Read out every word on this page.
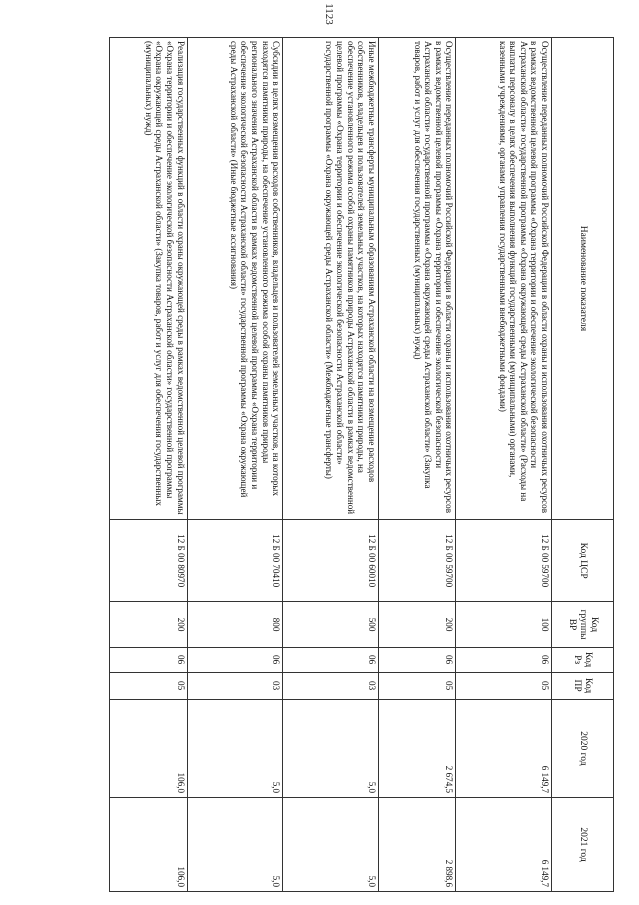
1123
Наименование показателя	Код ЦСР	Код группы ВР	Код Рз	Код ПР	2020 год	2021 год
Осуществление переданных полномочий Российской Федерации в области охраны и использования охотничьих ресурсов в рамках ведомственной целевой программы «Охрана территории и обеспечение экологической безопасности Астраханской области» государственной программы «Охрана окружающей среды Астраханской области» (Расходы на выплаты персоналу в целях обеспечения выполнения функций государственными (муниципальными) органами, казенными учреждениями, органами управления государственными внебюджетными фондами)	12 Б 00 59700	100	06	05	6 149,7	6 149,7
Осуществление переданных полномочий Российской Федерации в области охраны и использования охотничьих ресурсов в рамках ведомственной целевой программы «Охрана территории и обеспечение экологической безопасности Астраханской области» государственной программы «Охрана окружающей среды Астраханской области» (Закупка товаров, работ и услуг для обеспечения государственных (муниципальных) нужд)	12 Б 00 59700	200	06	05	2 674,5	2 898,6
Иные межбюджетные трансферты муниципальным образованиям Астраханской области на возмещение расходов собственников, владельцев и пользователей земельных участков, на которых находятся памятники природы, на обеспечение установленного режима особой охраны памятников природы Астраханской области в рамках ведомственной целевой программы «Охрана территории и обеспечение экологической безопасности Астраханской области» государственной программы «Охрана окружающей среды Астраханской области» (Межбюджетные трансферты)	12 Б 00 60010	500	06	03	5,0	5,0
Субсидии в целях возмещения расходов собственников, владельцев и пользователей земельных участков, на которых находятся памятники природы, на обеспечение установленного режима особой охраны памятников природы регионального значения Астраханской области в рамках ведомственной целевой программы «Охрана территории и обеспечение экологической безопасности Астраханской области» государственной программы «Охрана окружающей среды Астраханской области» (Иные бюджетные ассигнования)	12 Б 00 70410	800	06	03	5,0	5,0
Реализация государственных функций в области охраны окружающей среды в рамках ведомственной целевой программы «Охрана территории и обеспечение экологической безопасности Астраханской области» государственной программы «Охрана окружающей среды Астраханской области» (Закупка товаров, работ и услуг для обеспечения государственных (муниципальных) нужд)	12 Б 00 80970	200	06	05	106,0	106,0
